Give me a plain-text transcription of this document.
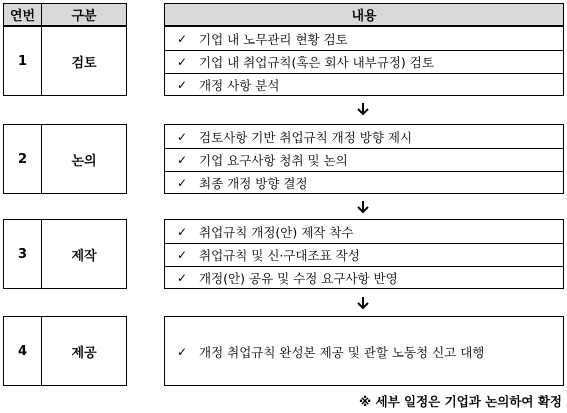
연번	구분	내용
1	검토
✓ 기업 내 노무관리 현황 검토
✓ 기업 내 취업규칙(혹은 회사 내부규정) 검토
✓ 개정 사항 분석
2	논의
✓ 검토사항 기반 취업규칙 개정 방향 제시
✓ 기업 요구사항 청취 및 논의
✓ 최종 개정 방향 결정
3	제작
✓ 취업규칙 개정(안) 제작 착수
✓ 취업규칙 및 신·구대조표 작성
✓ 개정(안) 공유 및 수정 요구사항 반영
4	제공	✓ 개정 취업규칙 완성본 제공 및 관할 노동청 신고 대행
※ 세부 일정은 기업과 논의하여 확정
